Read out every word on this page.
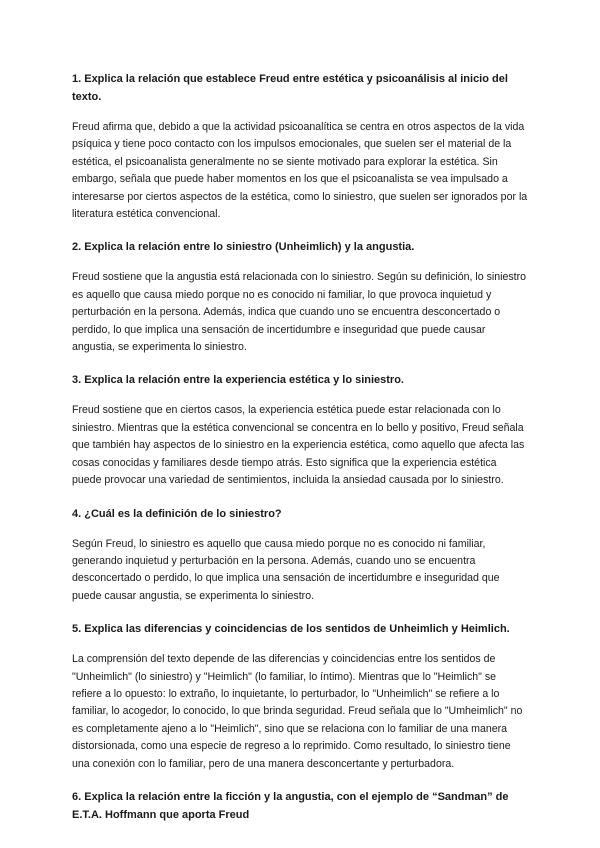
1. Explica la relación que establece Freud entre estética y psicoanálisis al inicio del texto.

Freud afirma que, debido a que la actividad psicoanalítica se centra en otros aspectos de la vida psíquica y tiene poco contacto con los impulsos emocionales, que suelen ser el material de la estética, el psicoanalista generalmente no se siente motivado para explorar la estética. Sin embargo, señala que puede haber momentos en los que el psicoanalista se vea impulsado a interesarse por ciertos aspectos de la estética, como lo siniestro, que suelen ser ignorados por la literatura estética convencional.

2. Explica la relación entre lo siniestro (Unheimlich) y la angustia.

Freud sostiene que la angustia está relacionada con lo siniestro. Según su definición, lo siniestro es aquello que causa miedo porque no es conocido ni familiar, lo que provoca inquietud y perturbación en la persona. Además, indica que cuando uno se encuentra desconcertado o perdido, lo que implica una sensación de incertidumbre e inseguridad que puede causar angustia, se experimenta lo siniestro.

3. Explica la relación entre la experiencia estética y lo siniestro.

Freud sostiene que en ciertos casos, la experiencia estética puede estar relacionada con lo siniestro. Mientras que la estética convencional se concentra en lo bello y positivo, Freud señala que también hay aspectos de lo siniestro en la experiencia estética, como aquello que afecta las cosas conocidas y familiares desde tiempo atrás. Esto significa que la experiencia estética puede provocar una variedad de sentimientos, incluida la ansiedad causada por lo siniestro.

4. ¿Cuál es la definición de lo siniestro?

Según Freud, lo siniestro es aquello que causa miedo porque no es conocido ni familiar, generando inquietud y perturbación en la persona. Además, cuando uno se encuentra desconcertado o perdido, lo que implica una sensación de incertidumbre e inseguridad que puede causar angustia, se experimenta lo siniestro.

5. Explica las diferencias y coincidencias de los sentidos de Unheimlich y Heimlich.

La comprensión del texto depende de las diferencias y coincidencias entre los sentidos de "Unheimlich" (lo siniestro) y "Heimlich" (lo familiar, lo íntimo). Mientras que lo "Heimlich" se refiere a lo opuesto: lo extraño, lo inquietante, lo perturbador, lo "Unheimlich" se refiere a lo familiar, lo acogedor, lo conocido, lo que brinda seguridad. Freud señala que lo "Umheimlich" no es completamente ajeno a lo "Heimlich", sino que se relaciona con lo familiar de una manera distorsionada, como una especie de regreso a lo reprimido. Como resultado, lo siniestro tiene una conexión con lo familiar, pero de una manera desconcertante y perturbadora.

6. Explica la relación entre la ficción y la angustia, con el ejemplo de “Sandman” de E.T.A. Hoffmann que aporta Freud
